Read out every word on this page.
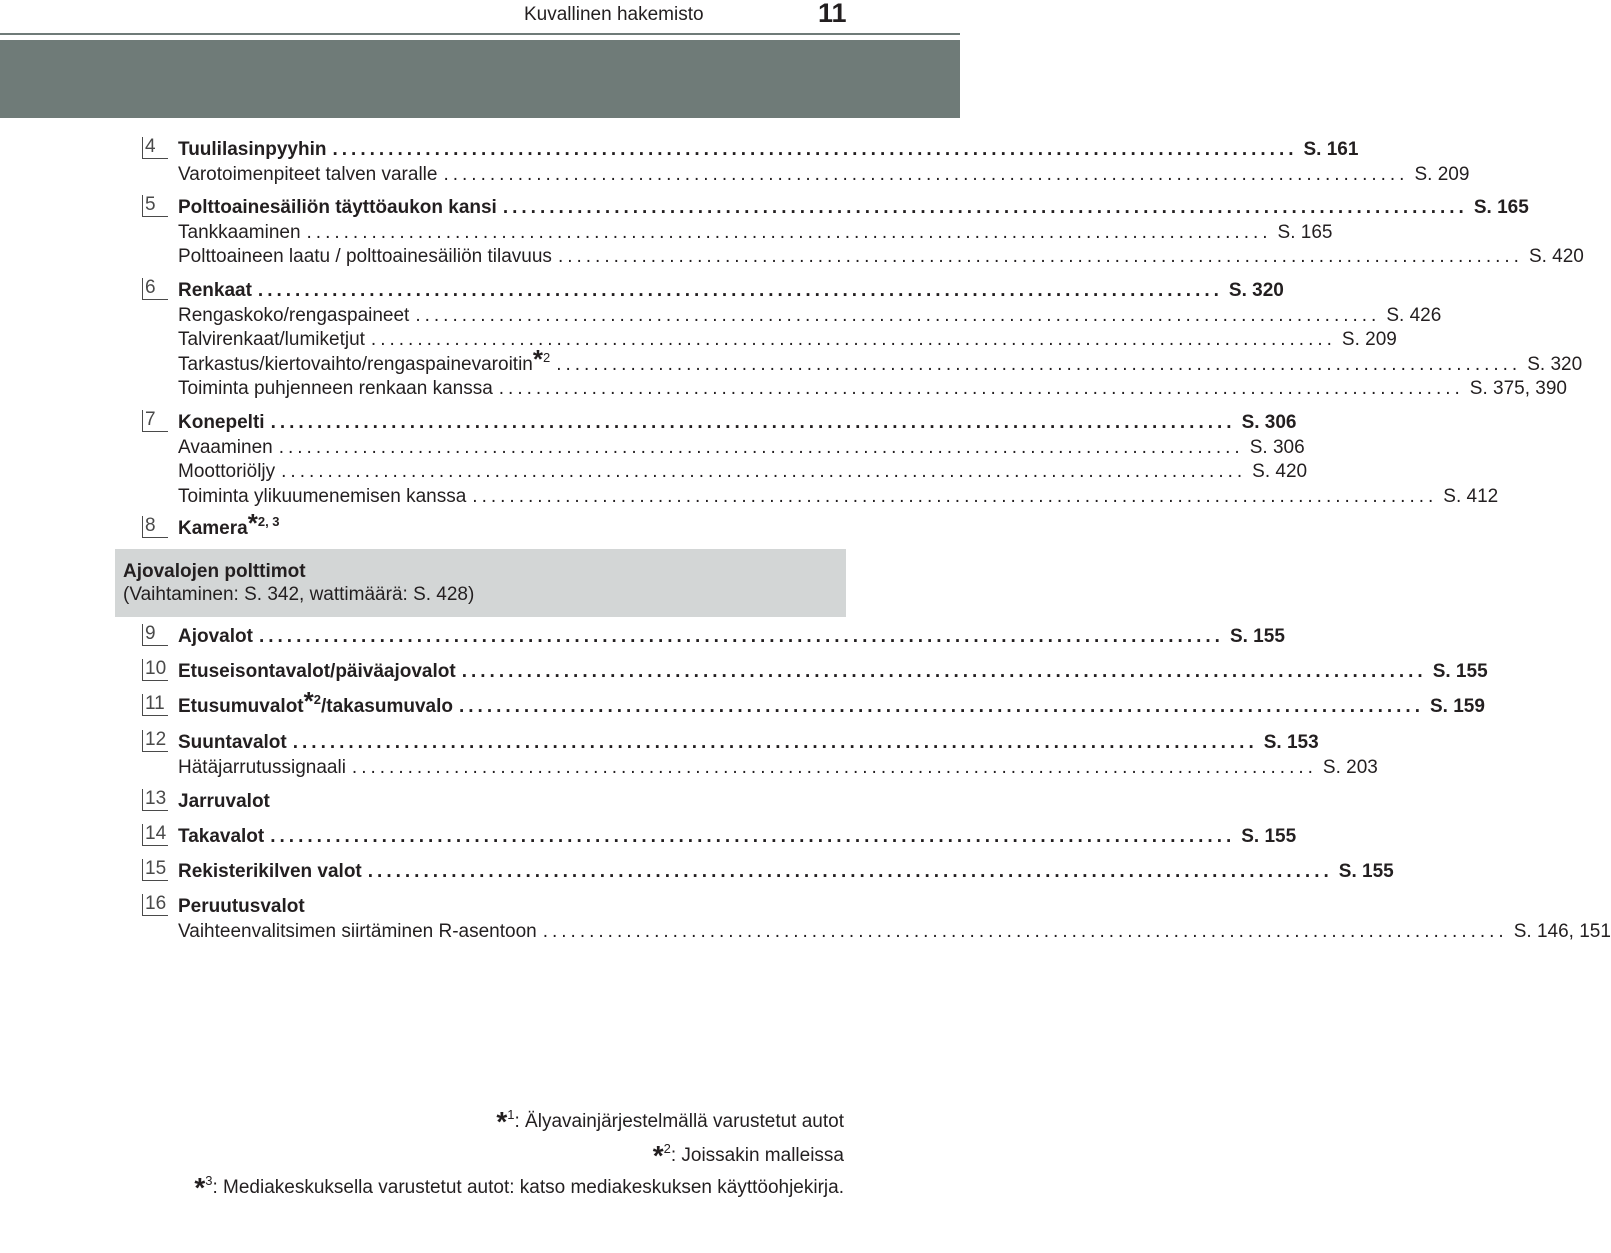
Kuvallinen hakemisto	11
4	Tuulilasinpyyhin ........................................................................................................ S. 161
Varotoimenpiteet talven varalle ........................................................................................................ S. 209
5	Polttoainesäiliön täyttöaukon kansi ........................................................................................................ S. 165
Tankkaaminen ........................................................................................................ S. 165
Polttoaineen laatu / polttoainesäiliön tilavuus ........................................................................................................ S. 420
6	Renkaat ........................................................................................................ S. 320
Rengaskoko/rengaspaineet ........................................................................................................ S. 426
Talvirenkaat/lumiketjut ........................................................................................................ S. 209
Tarkastus/kiertovaihto/rengaspainevaroitin$^{*2}$ ........................................................................................................ S. 320
Toiminta puhjenneen renkaan kanssa ........................................................................................................ S. 375, 390
7	Konepelti ........................................................................................................ S. 306
Avaaminen ........................................................................................................ S. 306
Moottoriöljy ........................................................................................................ S. 420
Toiminta ylikuumenemisen kanssa ........................................................................................................ S. 412
8	Kamera$^{*2, 3}$
Ajovalojen polttimot
(Vaihtaminen: S. 342, wattimäärä: S. 428)
9	Ajovalot ........................................................................................................ S. 155
10 Etuseisontavalot/päiväajovalot ........................................................................................................ S. 155
11 Etusumuvalot$^{*2}$/takasumuvalo ........................................................................................................ S. 159
12 Suuntavalot ........................................................................................................ S. 153
Hätäjarrutussignaali ........................................................................................................ S. 203
13 Jarruvalot
14 Takavalot ........................................................................................................ S. 155
15 Rekisterikilven valot ........................................................................................................ S. 155
16 Peruutusvalot
Vaihteenvalitsimen siirtäminen R-asentoon ........................................................................................................ S. 146, 151
*$^1$: Älyavainjärjestelmällä varustetut autot
*$^2$: Joissakin malleissa
*$^3$: Mediakeskuksella varustetut autot: katso mediakeskuksen käyttöohjekirja.
